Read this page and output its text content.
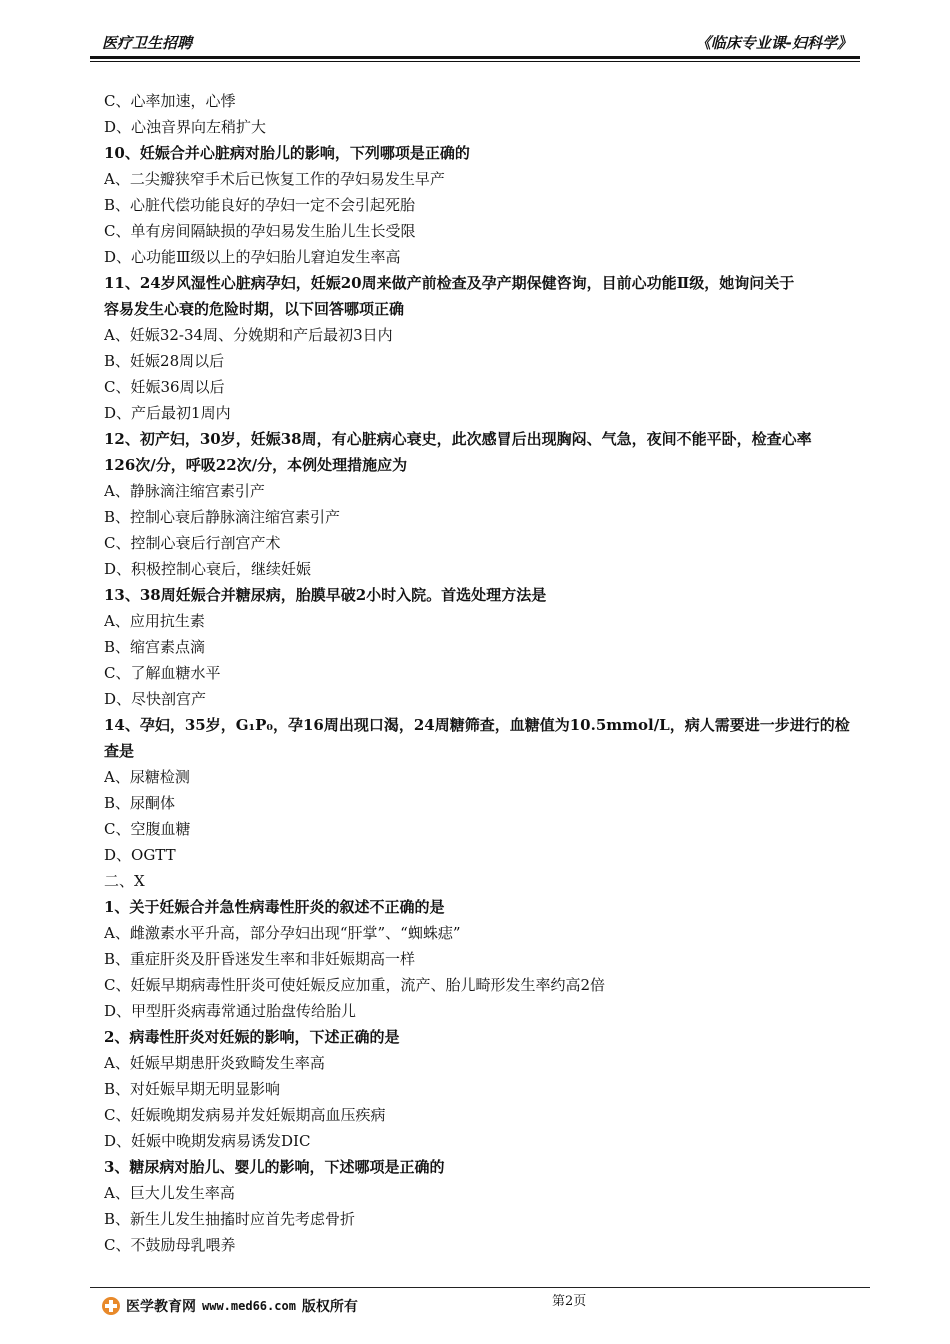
医疗卫生招聘	《临床专业课-妇科学》
C、心率加速，心悸
D、心浊音界向左稍扩大
10、妊娠合并心脏病对胎儿的影响，下列哪项是正确的
A、二尖瓣狭窄手术后已恢复工作的孕妇易发生早产
B、心脏代偿功能良好的孕妇一定不会引起死胎
C、单有房间隔缺损的孕妇易发生胎儿生长受限
D、心功能Ⅲ级以上的孕妇胎儿窘迫发生率高
11、24岁风湿性心脏病孕妇，妊娠20周来做产前检查及孕产期保健咨询，目前心功能Ⅱ级，她询问关于
容易发生心衰的危险时期，以下回答哪项正确
A、妊娠32-34周、分娩期和产后最初3日内
B、妊娠28周以后
C、妊娠36周以后
D、产后最初1周内
12、初产妇，30岁，妊娠38周，有心脏病心衰史，此次感冒后出现胸闷、气急，夜间不能平卧，检查心率
126次/分，呼吸22次/分，本例处理措施应为
A、静脉滴注缩宫素引产
B、控制心衰后静脉滴注缩宫素引产
C、控制心衰后行剖宫产术
D、积极控制心衰后，继续妊娠
13、38周妊娠合并糖尿病，胎膜早破2小时入院。首选处理方法是
A、应用抗生素
B、缩宫素点滴
C、了解血糖水平
D、尽快剖宫产
14、孕妇，35岁，G₁P₀，孕16周出现口渴，24周糖筛查，血糖值为10.5mmol/L，病人需要进一步进行的检
查是
A、尿糖检测
B、尿酮体
C、空腹血糖
D、OGTT
二、X
1、关于妊娠合并急性病毒性肝炎的叙述不正确的是
A、雌激素水平升高，部分孕妇出现“肝掌”、“蜘蛛痣”
B、重症肝炎及肝昏迷发生率和非妊娠期高一样
C、妊娠早期病毒性肝炎可使妊娠反应加重，流产、胎儿畸形发生率约高2倍
D、甲型肝炎病毒常通过胎盘传给胎儿
2、病毒性肝炎对妊娠的影响，下述正确的是
A、妊娠早期患肝炎致畸发生率高
B、对妊娠早期无明显影响
C、妊娠晚期发病易并发妊娠期高血压疾病
D、妊娠中晚期发病易诱发DIC
3、糖尿病对胎儿、婴儿的影响，下述哪项是正确的
A、巨大儿发生率高
B、新生儿发生抽搐时应首先考虑骨折
C、不鼓励母乳喂养
医学教育网 www.med66.com 版权所有	第2页
